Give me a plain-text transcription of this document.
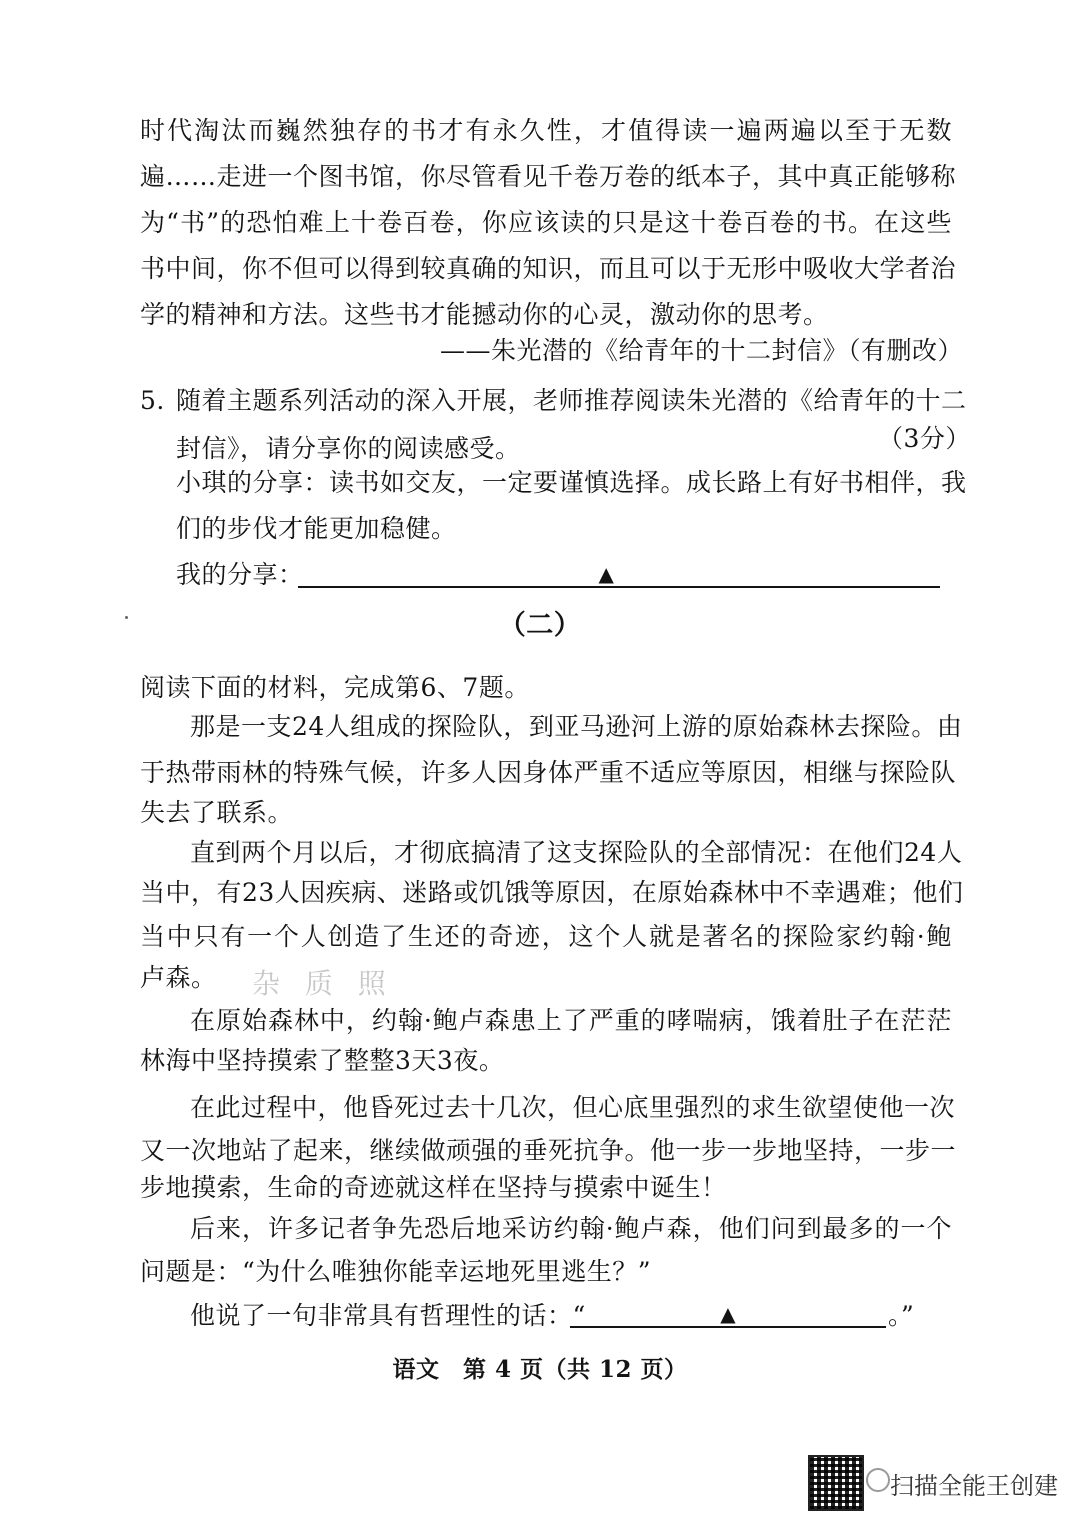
时代淘汰而巍然独存的书才有永久性，才值得读一遍两遍以至于无数
遍……走进一个图书馆，你尽管看见千卷万卷的纸本子，其中真正能够称
为“书”的恐怕难上十卷百卷，你应该读的只是这十卷百卷的书。在这些
书中间，你不但可以得到较真确的知识，而且可以于无形中吸收大学者治
学的精神和方法。这些书才能撼动你的心灵，激动你的思考。
——朱光潜的《给青年的十二封信》（有删改）
5. 随着主题系列活动的深入开展，老师推荐阅读朱光潜的《给青年的十二
封信》，请分享你的阅读感受。	（3分）
小琪的分享：读书如交友，一定要谨慎选择。成长路上有好书相伴，我
们的步伐才能更加稳健。
我的分享：	▲
（二）
阅读下面的材料，完成第6、7题。
那是一支24人组成的探险队，到亚马逊河上游的原始森林去探险。由
于热带雨林的特殊气候，许多人因身体严重不适应等原因，相继与探险队
失去了联系。
直到两个月以后，才彻底搞清了这支探险队的全部情况：在他们24人
当中，有23人因疾病、迷路或饥饿等原因，在原始森林中不幸遇难；他们
当中只有一个人创造了生还的奇迹，这个人就是著名的探险家约翰·鲍
卢森。 杂 质 照
在原始森林中，约翰·鲍卢森患上了严重的哮喘病，饿着肚子在茫茫
林海中坚持摸索了整整3天3夜。
在此过程中，他昏死过去十几次，但心底里强烈的求生欲望使他一次
又一次地站了起来，继续做顽强的垂死抗争。他一步一步地坚持，一步一
步地摸索，生命的奇迹就这样在坚持与摸索中诞生！
后来，许多记者争先恐后地采访约翰·鲍卢森，他们问到最多的一个
问题是：“为什么唯独你能幸运地死里逃生？”
他说了一句非常具有哲理性的话：“	▲	。”
语文　第 4 页（共 12 页）
扫描全能王创建
